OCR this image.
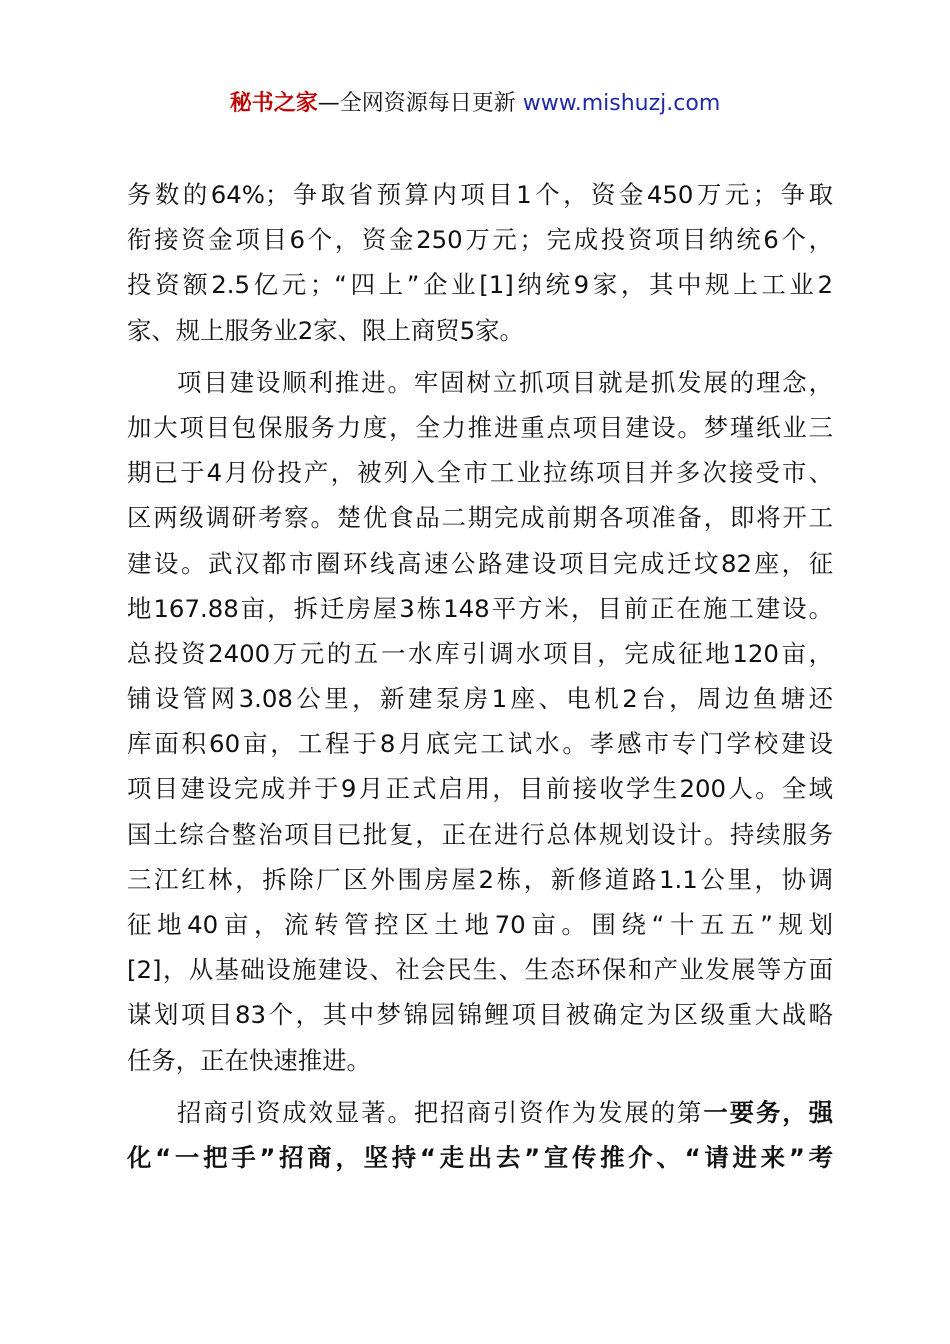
秘书之家—全网资源每日更新 www.mishuzj.com
务数的64%；争取省预算内项目1个，资金450万元；争取
衔接资金项目6个，资金250万元；完成投资项目纳统6个，
投资额2.5亿元；“四上”企业[1]纳统9家，其中规上工业2
家、规上服务业2家、限上商贸5家。
项目建设顺利推进。牢固树立抓项目就是抓发展的理念，
加大项目包保服务力度，全力推进重点项目建设。梦瑾纸业三
期已于4月份投产，被列入全市工业拉练项目并多次接受市、
区两级调研考察。楚优食品二期完成前期各项准备，即将开工
建设。武汉都市圈环线高速公路建设项目完成迁坟82座，征
地167.88亩，拆迁房屋3栋148平方米，目前正在施工建设。
总投资2400万元的五一水库引调水项目，完成征地120亩，
铺设管网3.08公里，新建泵房1座、电机2台，周边鱼塘还
库面积60亩，工程于8月底完工试水。孝感市专门学校建设
项目建设完成并于9月正式启用，目前接收学生200人。全域
国土综合整治项目已批复，正在进行总体规划设计。持续服务
三江红林，拆除厂区外围房屋2栋，新修道路1.1公里，协调
征地40亩，流转管控区土地70亩。围绕“十五五”规划
[2]，从基础设施建设、社会民生、生态环保和产业发展等方面
谋划项目83个，其中梦锦园锦鲤项目被确定为区级重大战略
任务，正在快速推进。
招商引资成效显著。把招商引资作为发展的第一要务，强
化“一把手”招商，坚持“走出去”宣传推介、“请进来”考
